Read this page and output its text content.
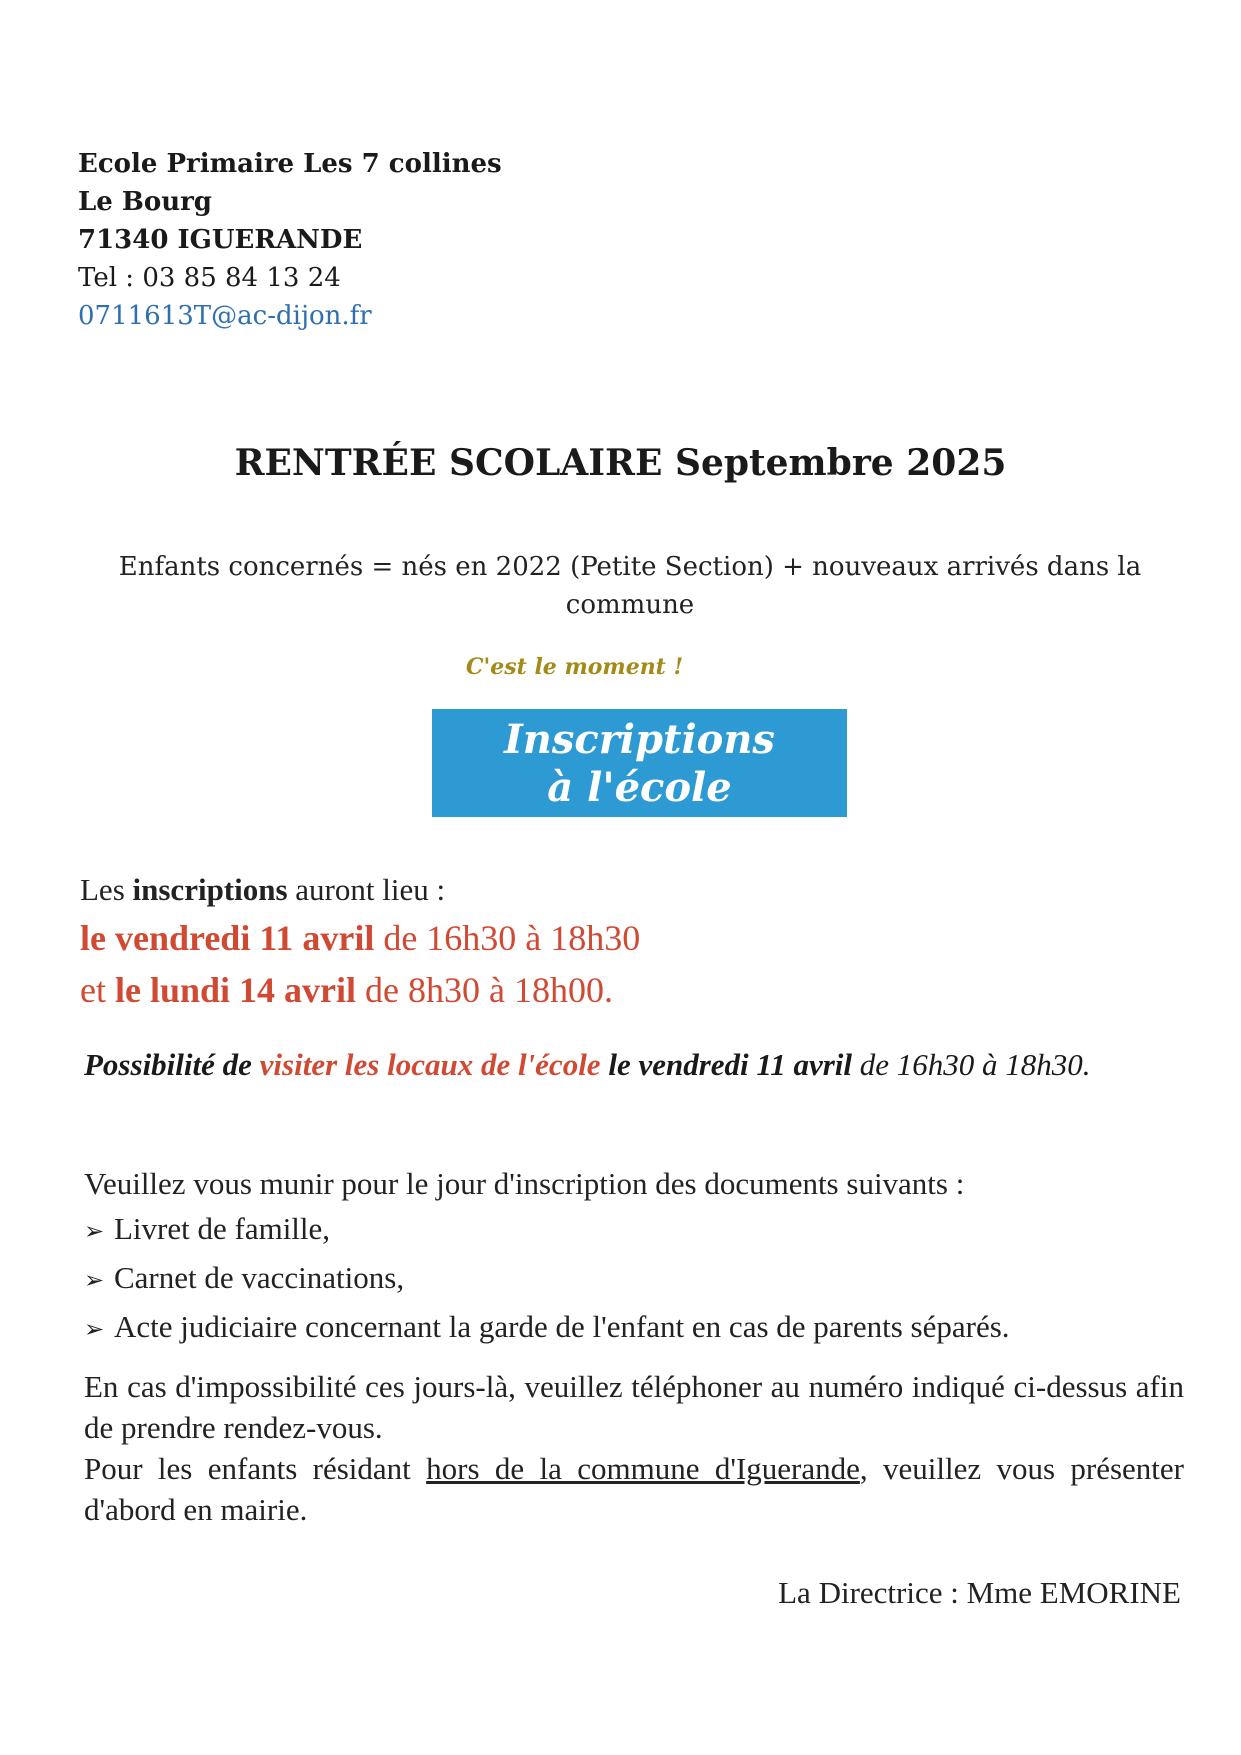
Ecole Primaire Les 7 collines
Le Bourg
71340 IGUERANDE
Tel : 03 85 84 13 24
0711613T@ac-dijon.fr
RENTRÉE SCOLAIRE Septembre 2025
Enfants concernés = nés en 2022 (Petite Section) + nouveaux arrivés dans la
commune
C'est le moment !
Inscriptions
à l'école
Les inscriptions auront lieu :
le vendredi 11 avril de 16h30 à 18h30
et le lundi 14 avril de 8h30 à 18h00.
Possibilité de visiter les locaux de l'école le vendredi 11 avril de 16h30 à 18h30.
Veuillez vous munir pour le jour d'inscription des documents suivants :
➢ Livret de famille,
➢ Carnet de vaccinations,
➢ Acte judiciaire concernant la garde de l'enfant en cas de parents séparés.
En cas d'impossibilité ces jours-là, veuillez téléphoner au numéro indiqué ci-dessus afin de prendre rendez-vous.
Pour les enfants résidant hors de la commune d'Iguerande, veuillez vous présenter d'abord en mairie.
La Directrice : Mme EMORINE
